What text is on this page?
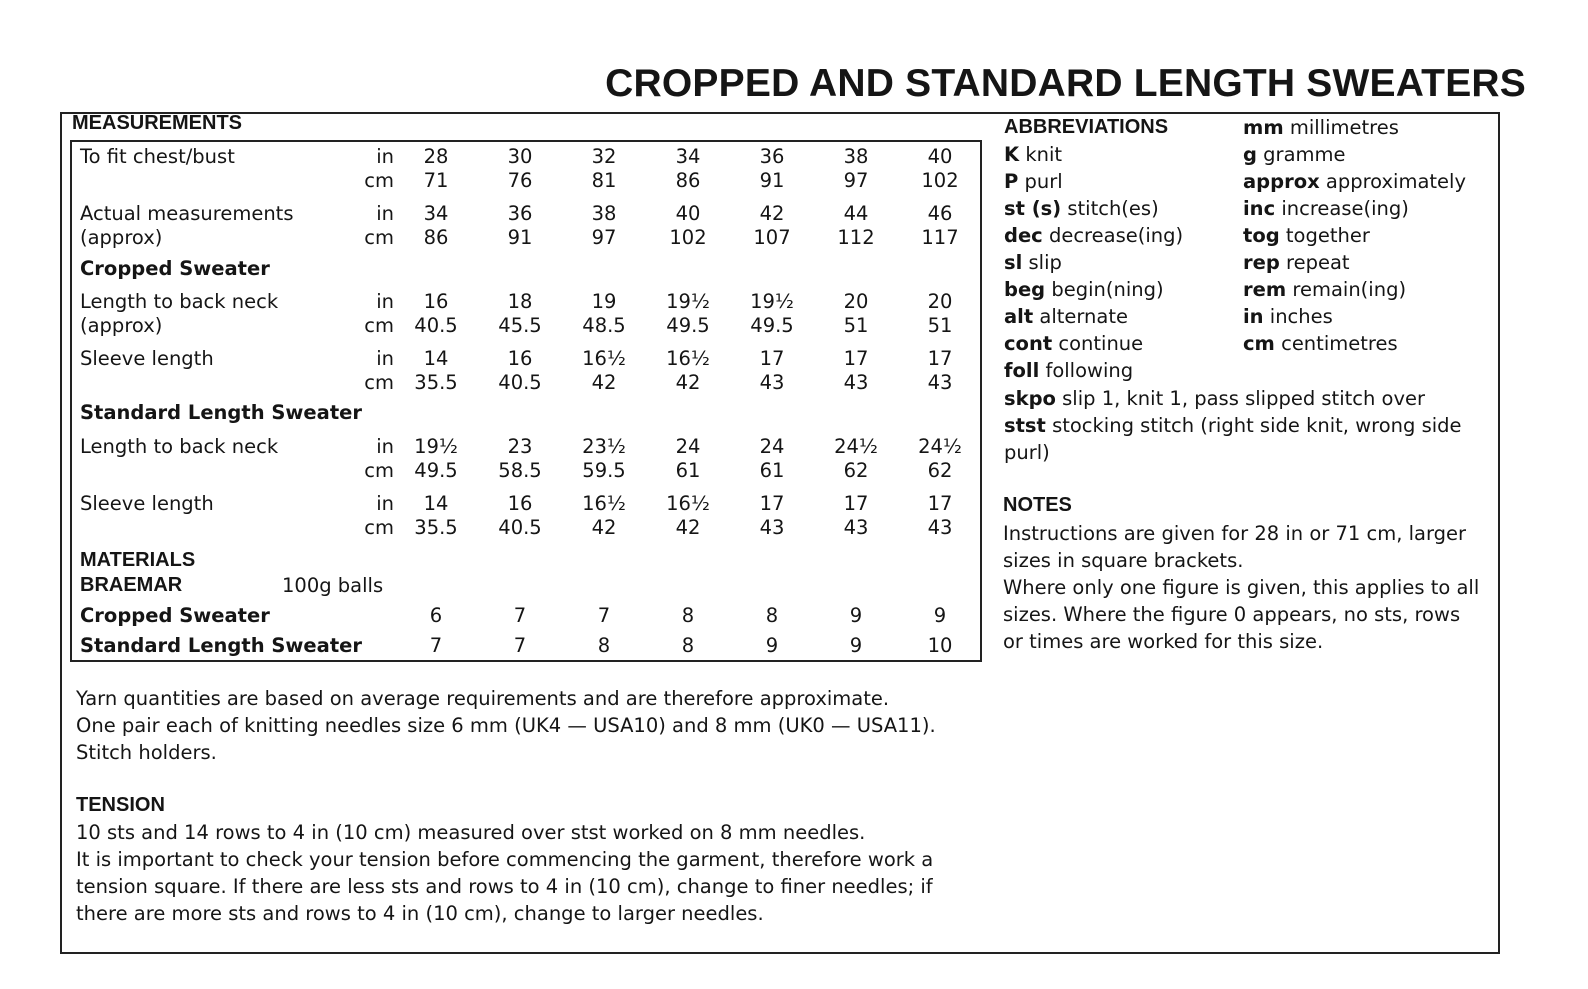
CROPPED AND STANDARD LENGTH SWEATERS
MEASUREMENTS
To fit chest/bust	in	28	30	32	34	36	38	40
cm	71	76	81	86	91	97	102
Actual measurements	in	34	36	38	40	42	44	46
(approx)	cm	86	91	97	102	107	112	117
Cropped Sweater
Length to back neck	in	16	18	19	19½	19½	20	20
(approx)	cm	40.5	45.5	48.5	49.5	49.5	51	51
Sleeve length	in	14	16	16½	16½	17	17	17
cm	35.5	40.5	42	42	43	43	43
Standard Length Sweater
Length to back neck	in	19½	23	23½	24	24	24½	24½
cm	49.5	58.5	59.5	61	61	62	62
Sleeve length	in	14	16	16½	16½	17	17	17
cm	35.5	40.5	42	42	43	43	43
MATERIALS
BRAEMAR	100g balls
Cropped Sweater	6	7	7	8	8	9	9
Standard Length Sweater	7	7	8	8	9	9	10
Yarn quantities are based on average requirements and are therefore approximate.
One pair each of knitting needles size 6 mm (UK4 — USA10) and 8 mm (UK0 — USA11).
Stitch holders.
TENSION
10 sts and 14 rows to 4 in (10 cm) measured over stst worked on 8 mm needles.
It is important to check your tension before commencing the garment, therefore work a
tension square. If there are less sts and rows to 4 in (10 cm), change to finer needles; if
there are more sts and rows to 4 in (10 cm), change to larger needles.
ABBREVIATIONS
K knit
P purl
st (s) stitch(es)
dec decrease(ing)
sl slip
beg begin(ning)
alt alternate
cont continue
foll following
mm millimetres
g gramme
approx approximately
inc increase(ing)
tog together
rep repeat
rem remain(ing)
in inches
cm centimetres
skpo slip 1, knit 1, pass slipped stitch over
stst stocking stitch (right side knit, wrong side
purl)
NOTES
Instructions are given for 28 in or 71 cm, larger
sizes in square brackets.
Where only one figure is given, this applies to all
sizes. Where the figure 0 appears, no sts, rows
or times are worked for this size.
